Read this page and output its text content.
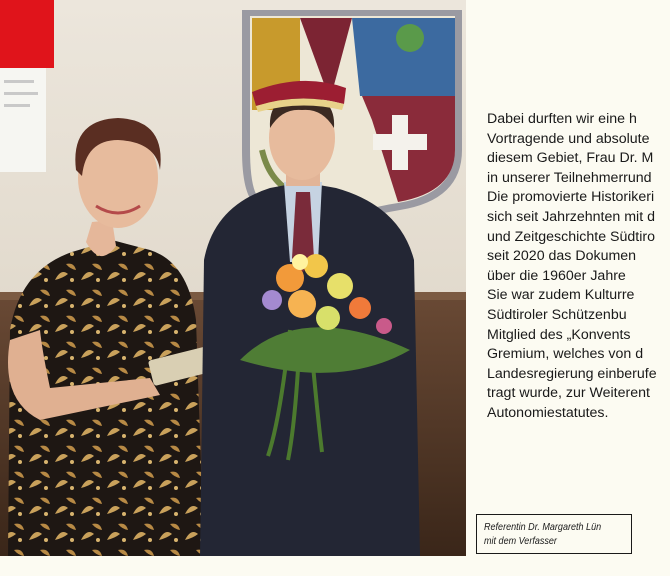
Dabei durften wir eine h
Vortragende und absolute
diesem Gebiet, Frau Dr. M
in unserer Teilnehmerrund
Die promovierte Historikeri
sich seit Jahrzehnten mit d
und Zeitgeschichte Südtiro
seit 2020 das Dokumen
über die 1960er Jahre
Sie war zudem Kulturre
Südtiroler Schützenbu
Mitglied des „Konvents
Gremium, welches von d
Landesregierung einberufe
tragt wurde, zur Weiterent
Autonomiestatutes.
Referentin Dr. Margareth Lün
mit dem Verfasser
